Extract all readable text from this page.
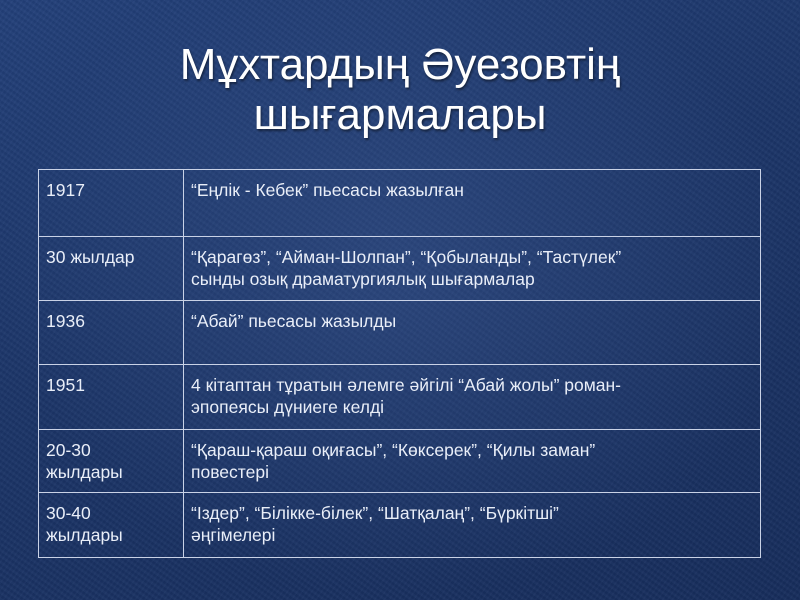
Мұхтардың Әуезовтің
шығармалары
1917	“Еңлік - Кебек” пьесасы жазылған

30 жылдар	“Қарагөз”, “Айман-Шолпан”, “Қобыланды”, “Тастүлек”
сынды озық драматургиялық шығармалар

1936	“Абай” пьесасы жазылды

1951	4 кітаптан тұратын әлемге әйгілі “Абай жолы” роман-
эпопеясы дүниеге келді

20-30
жылдары	“Қараш-қараш оқиғасы”, “Көксерек”, “Қилы заман”
повестері

30-40
жылдары	“Іздер”, “Білікке-білек”, “Шатқалаң”, “Бүркітші”
әңгімелері
